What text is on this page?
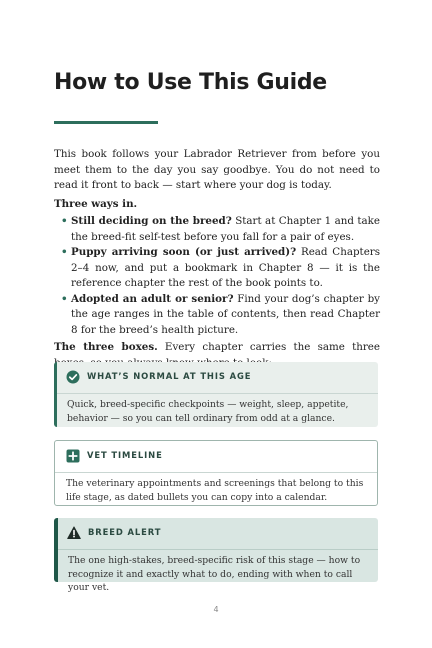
How to Use This Guide

This book follows your Labrador Retriever from before you meet them to the day you say goodbye. You do not need to read it front to back — start where your dog is today.

Three ways in.

• Still deciding on the breed? Start at Chapter 1 and take the breed-fit self-test before you fall for a pair of eyes.
• Puppy arriving soon (or just arrived)? Read Chapters 2–4 now, and put a bookmark in Chapter 8 — it is the reference chapter the rest of the book points to.
• Adopted an adult or senior? Find your dog’s chapter by the age ranges in the table of contents, then read Chapter 8 for the breed’s health picture.

The three boxes. Every chapter carries the same three

WHAT’S NORMAL AT THIS AGE
Quick, breed-specific checkpoints — weight, sleep, appetite, behavior — so you can tell ordinary from odd at a glance.
VET TIMELINE
The veterinary appointments and screenings that belong to this life stage, as dated bullets you can copy into a calendar.
BREED ALERT
The one high-stakes, breed-specific risk of this stage — how to recognize it and exactly what to do, ending with when to call your vet.
4
